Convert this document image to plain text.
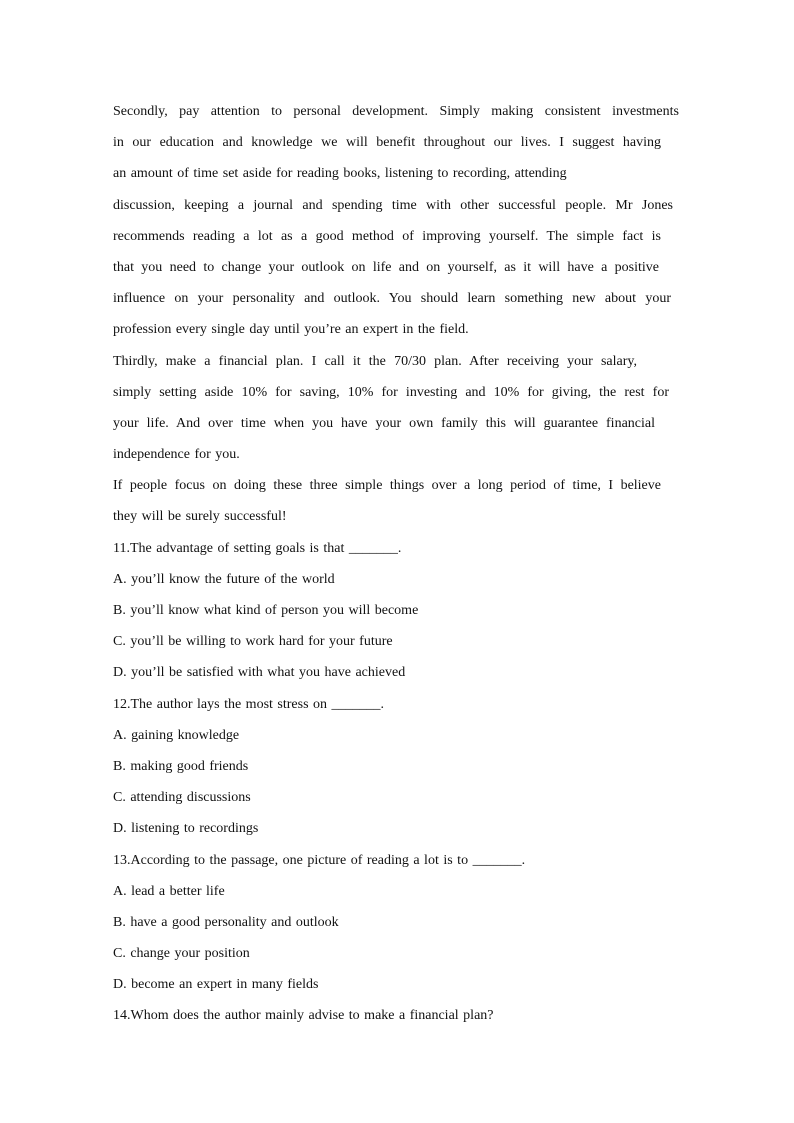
Secondly, pay attention to personal development. Simply making consistent investments
in our education and knowledge we will benefit throughout our lives. I suggest having
an amount of time set aside for reading books, listening to recording, attending
discussion, keeping a journal and spending time with other successful people. Mr Jones
recommends reading a lot as a good method of improving yourself. The simple fact is
that you need to change your outlook on life and on yourself, as it will have a positive
influence on your personality and outlook. You should learn something new about your
profession every single day until you’re an expert in the field.
Thirdly, make a financial plan. I call it the 70/30 plan. After receiving your salary,
simply setting aside 10% for saving, 10% for investing and 10% for giving, the rest for
your life. And over time when you have your own family this will guarantee financial
independence for you.
If people focus on doing these three simple things over a long period of time, I believe
they will be surely successful!
11.The advantage of setting goals is that _______.
A. you’ll know the future of the world
B. you’ll know what kind of person you will become
C. you’ll be willing to work hard for your future
D. you’ll be satisfied with what you have achieved
12.The author lays the most stress on _______.
A. gaining knowledge
B. making good friends
C. attending discussions
D. listening to recordings
13.According to the passage, one picture of reading a lot is to _______.
A. lead a better life
B. have a good personality and outlook
C. change your position
D. become an expert in many fields
14.Whom does the author mainly advise to make a financial plan?
